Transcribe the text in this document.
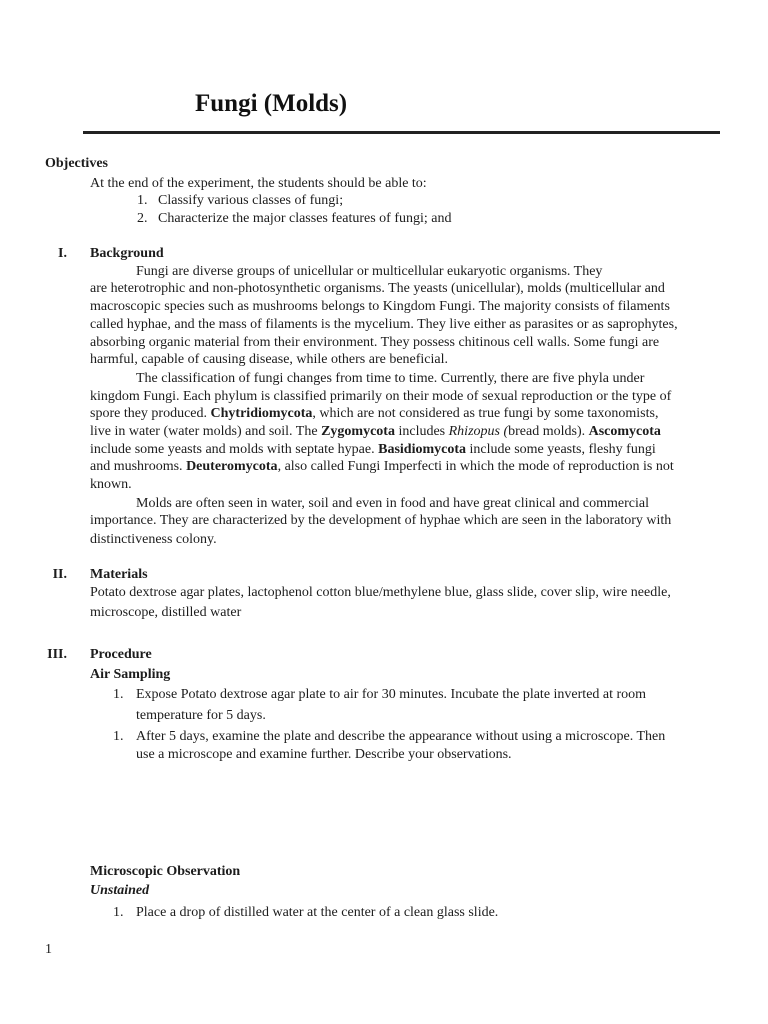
Fungi (Molds)
Objectives
At the end of the experiment, the students should be able to:
1. Classify various classes of fungi;
2. Characterize the major classes features of fungi; and
I. Background
Fungi are diverse groups of unicellular or multicellular eukaryotic organisms. They
are heterotrophic and non-photosynthetic organisms. The yeasts (unicellular), molds (multicellular and
macroscopic species such as mushrooms belongs to Kingdom Fungi. The majority consists of filaments
called hyphae, and the mass of filaments is the mycelium. They live either as parasites or as saprophytes,
absorbing organic material from their environment. They possess chitinous cell walls. Some fungi are
harmful, capable of causing disease, while others are beneficial.
The classification of fungi changes from time to time. Currently, there are five phyla under
kingdom Fungi. Each phylum is classified primarily on their mode of sexual reproduction or the type of
spore they produced. Chytridiomycota, which are not considered as true fungi by some taxonomists,
live in water (water molds) and soil. The Zygomycota includes Rhizopus (bread molds). Ascomycota
include some yeasts and molds with septate hypae. Basidiomycota include some yeasts, fleshy fungi
and mushrooms. Deuteromycota, also called Fungi Imperfecti in which the mode of reproduction is not
known.
Molds are often seen in water, soil and even in food and have great clinical and commercial
importance. They are characterized by the development of hyphae which are seen in the laboratory with
distinctiveness colony.
II. Materials
Potato dextrose agar plates, lactophenol cotton blue/methylene blue, glass slide, cover slip, wire needle,
microscope, distilled water
III. Procedure
Air Sampling
1. Expose Potato dextrose agar plate to air for 30 minutes. Incubate the plate inverted at room
temperature for 5 days.
1. After 5 days, examine the plate and describe the appearance without using a microscope. Then
use a microscope and examine further. Describe your observations.
Microscopic Observation
Unstained
1. Place a drop of distilled water at the center of a clean glass slide.
1
